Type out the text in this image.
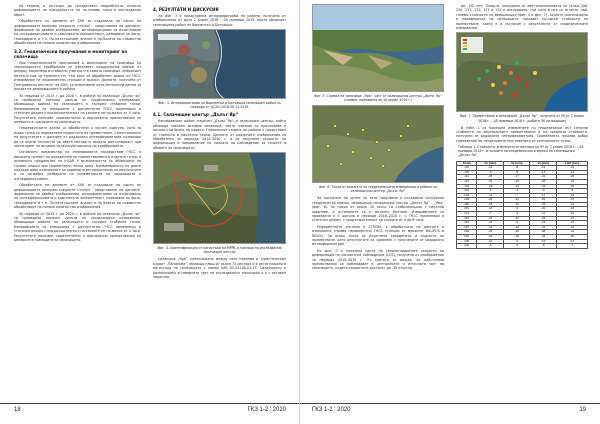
на терена, в по-скоро да предоставят подробности относно деформациите на повърхността на по-голяма площ в изследвания обект.

Обработката на данните от SAR за създаване на карти на деформациите включва следните стъпки - представяне на данните, формиране на двойки изображения, интерферограми за изчисляване на интерферограмата и комплексна кохерентност, развиване на фаза, геокодиране и т.н. По-нататъшният анализ е на базата на съвместно обработване на голямо количество изображения.

3.2. Геодезически проучвания и мониторинг на свлачища

При геодезическите проучвания и мониторинг на свлачища по черноморското крайбрежие се използват координатни мрежи от репери, закрепени в стабилни участки и в самото свлачище. Избраният метод е нов за страната ни, тъй като се обработват данни от ГНСС измервания на перманентни станции и мрежи. Данните, получени от Географския институт на БАН, са използвани като контролни данни за анализ на деформациите в района.

За периода от 2015 г. до 2020 г. в района на свлачище „Дълъг яр“ са проведени няколко цикъла на геодезически измервания, обхващащи района на свлачището и съседни стабилни точки. Измерванията са извършени с двучестотни ГНСС приемници в статичен режим с продължителност на сесиите не по-малко от 4 часа. Резултатите показват хоризонтални и вертикални премествания на реперите в границите на свлачището.

Геодезическите данни са обработени с научен софтуер, като за всяка точка са определени скоростите на преместване. Съпоставянето на резултатите с данните от радарната интерферометрия позволява да се оцени точността на двата метода и тяхната допълняемост при мониторинг на активни свлачищни процеси по крайбрежието.

Основното предимство на измерванията посредством ГНСС е високата точност на определяне на преместванията в отделни точки, а основното предимство на InSAR е възможността за обхващане на големи площи при сравнително ниска цена. Комбинирането на двата подхода дава възможност за надеждна интерпретация на резултатите и за по-добро разбиране на кинематиката на свлачищата в изследвания район.

Обработката на данните от SAR за създаване на карти на деформациите включва следните стъпки - представяне на данните, формиране на двойки изображения, интерферограми за изчисляване на интерферограмата и комплексна кохерентност, развиване на фаза, геокодиране и т.н. По-нататъшният анализ е на базата на съвместно обработване на голямо количество изображения.

За периода от 2015 г. до 2020 г. в района на свлачище „Дълъг яр“ са проведени няколко цикъла на геодезически измервания, обхващащи района на свлачището и съседни стабилни точки. Измерванията са извършени с двучестотни ГНСС приемници в статичен режим с продължителност на сесиите не по-малко от 4 часа. Резултатите показват хоризонтални и вертикални премествания на реперите в границите на свлачището.

4. РЕЗУЛТАТИ И ДИСКУСИЯ

На фиг. 3 е представена интерферограма на района, получена от изображения от дата 2 април 2018 – 28 ноември 2018, които обхващат свлачищния район на Варненско и Балчишко.

Фиг. 3. Интерферограма на Варненски и Балчишки свлачищен район за периода от 02.04.2018-28.11.2018
4.1. Свлачищен център „Дълъг Яр“

Изследваният район, наречен „Дълъг Яр“, е свлачищен център, който обхваща няколко активни свлачища, чиято граница се проследява в посока към брега на морето. Геоложкият строеж на района е представен от глинести и мергелни скали. Данните от радарните изображения са обработени за периода 2015–2020 г. и са получени скорости на деформация в направление на линията на наблюдение за точките в обхвата на свлачището.

Фиг. 4. Идентификация от регистъра на МРРБ и граница на изследвания свлачищен център

Свлачище „Яра“, разположено между село Кранево и туристическия курорт „Панорама“, обхваща площ от около 75 хектара и е регистрирано в регистъра на свлачищата с номер VAR 02.54148-01-17. Свлачището е разположено в северната част на изследваната територия и е с активен характер.

18	ГКЗ 1-2 ' 2020
Фиг. 5. Снимка на свлачище „Яра“, част от свлачищния център „Дълъг Яр“ (снимка, направена на 10 април 2019 г.)
Фиг. 6. Точки от мрежата на геодезическите измервания в района на свлачищния център „Дълъг Яр“

За постигане на целта на този проучване е създадена контролна геодезическа мрежа, обхващаща свлачищния сектор „Дълъг Яр“ - „Яра“ (фиг. 6). За някои от около 30 точки са стабилизирани с метални щифтове, а останалите са в метални болтове. Измерванията са проведени в 5 цикъла в периода 2016–2020 г. с ГНСС приемници в статичен режим, с продължителност на сесиите от 4 до 8 часа.

Референтната система е ETRS89, а обработката на данните е извършена спрямо перманентни ГНСС станции от мрежите BULiPOS и NIGGG. За всяка точка са изчислени координати и скорости на преместване, като резултатите са сравнени с получените от радарната интерферометрия.

На фиг. 7 е показана карта на средногодишните скорости на деформация по линията на наблюдение (LOS), получени от изображения за периода 2018–2019 г. От картата се вижда, че най-големи премествания се наблюдават в централната и източната част на свлачището, където скоростите достигат до -30 mm/год.

до -192 mm. Площта, заградена от местоположенията на точки 206, 230, 231, 132, 113 и 112 е изследвана, тъй като в нея се отчитат най-големи стойности на деформация (фиг. 4 и фиг. 7). Точките разположени в периферията на свлачището показват по-ниски стойности на преместване, което е в съгласие с резултатите от геодезическите измервания.

Фиг. 7. Преместване в свлачищен „Дълъг Яр“, получено от IPI от 2 април 2018 г. – 28 ноември 2018 г. (орбита 36 низходяща)

В табл. 1 са показани измерените по геодезически път сезонни стойности на вертикалните премествания и на средните стойности, получени от радарната интерферометрия. Сравнението показва добро съвпадение на тенденциите при повечето от контролните точки.

Таблица 1. Стойности, извлечени от вектора на IPI от 2 април 2018 г. – 28 ноември 2018 г. и точките на геодезическата мрежа на свлачищния „Дълъг Яр“
Точка	Vn [mm]	Ve [mm]	Vu [mm]	LOS [mm]
103	-12	-8	-21	-19
105	-9	-5	-14	-13
112	-28	-17	-41	-38
113	-31	-19	-46	-42
132	-24	-14	-33	-30
201	-6	-3	-9	-8
204	-11	-7	-17	-16
206	-35	-22	-52	-47
208	-18	-10	-26	-24
210	-14	-9	-20	-18
214	-7	-4	-11	-10
219	-20	-12	-29	-27
223	-16	-9	-23	-21
227	-26	-15	-37	-34
230	-33	-20	-48	-44
231	-29	-18	-43	-40
235	-10	-6	-15	-14
240	-5	-3	-8	-7
ГКЗ 1-2 ' 2020	19
